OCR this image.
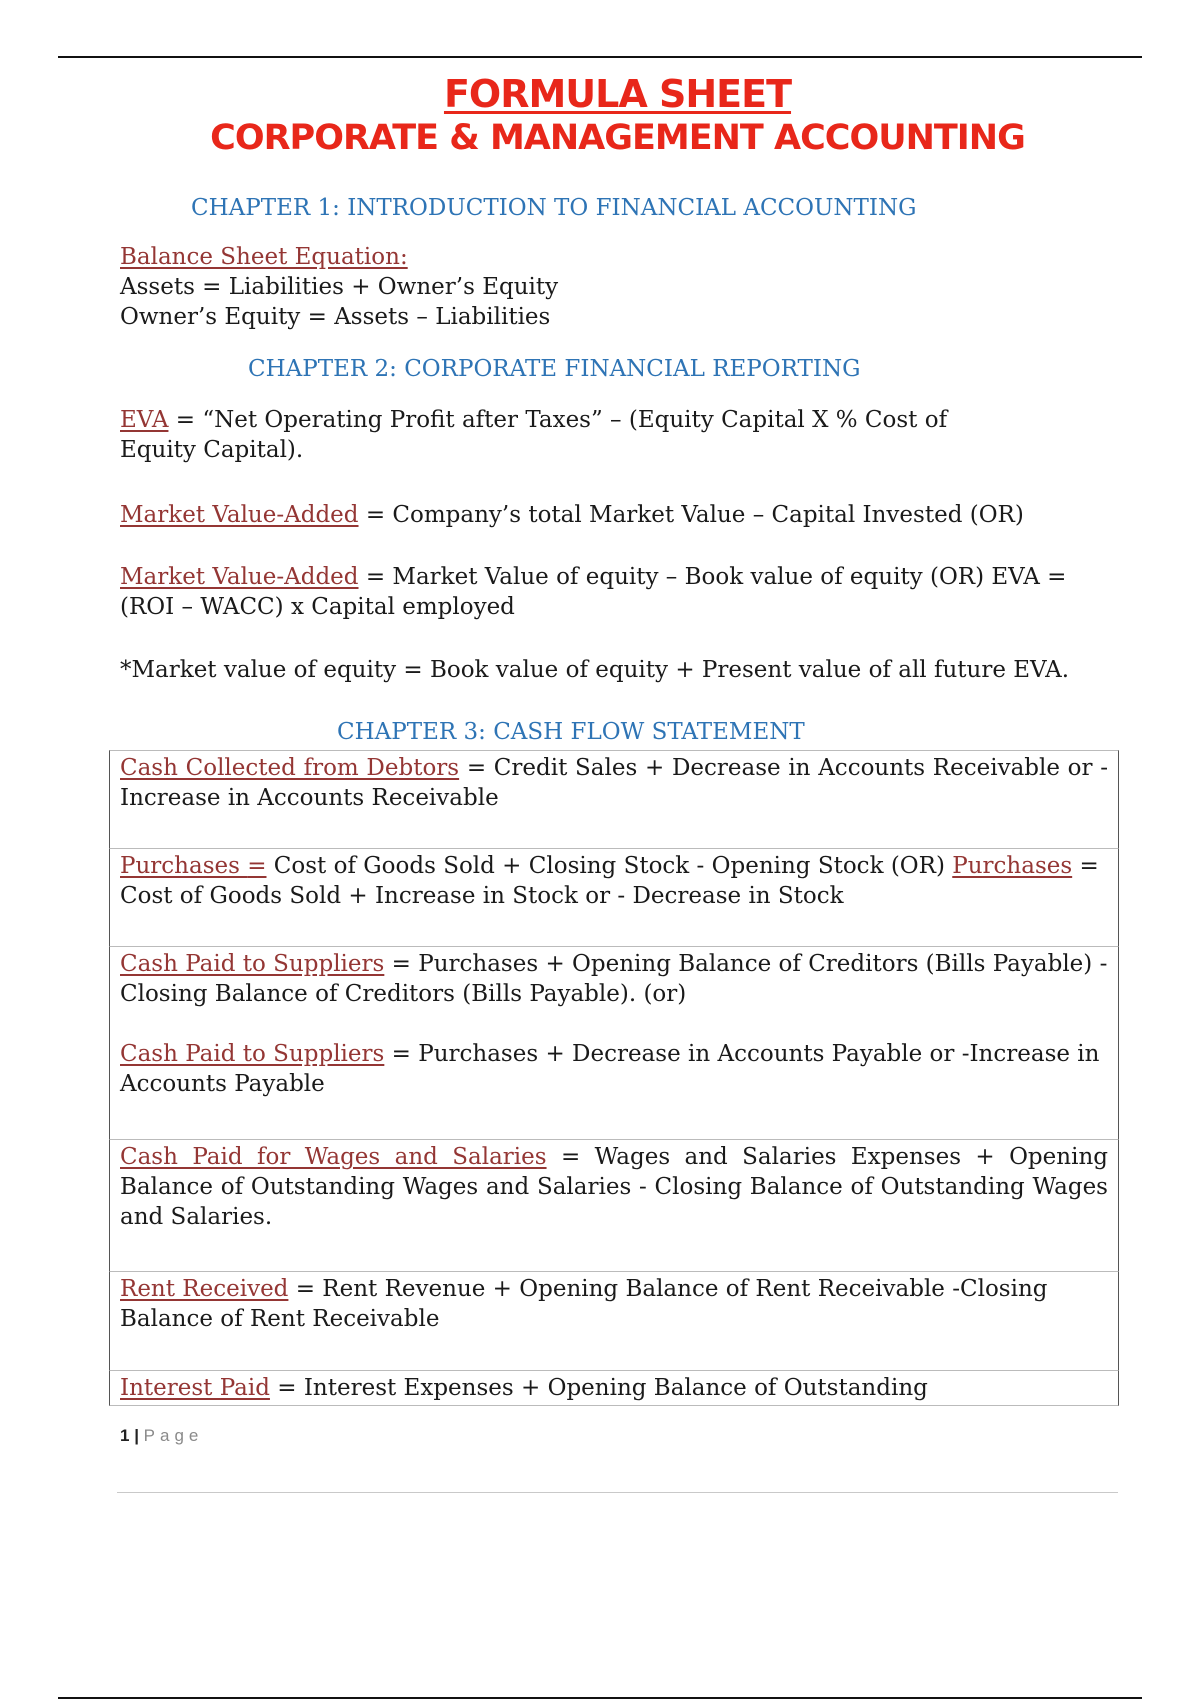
FORMULA SHEET
CORPORATE & MANAGEMENT ACCOUNTING
CHAPTER 1: INTRODUCTION TO FINANCIAL ACCOUNTING
Balance Sheet Equation:
Assets = Liabilities + Owner’s Equity
Owner’s Equity = Assets – Liabilities
CHAPTER 2: CORPORATE FINANCIAL REPORTING
EVA = “Net Operating Profit after Taxes” – (Equity Capital X % Cost of Equity Capital).
Market Value-Added = Company’s total Market Value – Capital Invested (OR)
Market Value-Added = Market Value of equity – Book value of equity (OR) EVA = (ROI – WACC) x Capital employed
*Market value of equity = Book value of equity + Present value of all future EVA.
CHAPTER 3: CASH FLOW STATEMENT
Cash Collected from Debtors = Credit Sales + Decrease in Accounts Receivable or - Increase in Accounts Receivable
Purchases = Cost of Goods Sold + Closing Stock - Opening Stock (OR) Purchases = Cost of Goods Sold + Increase in Stock or - Decrease in Stock
Cash Paid to Suppliers = Purchases + Opening Balance of Creditors (Bills Payable) - Closing Balance of Creditors (Bills Payable). (or)
Cash Paid to Suppliers = Purchases + Decrease in Accounts Payable or -Increase in Accounts Payable
Cash Paid for Wages and Salaries = Wages and Salaries Expenses + Opening Balance of Outstanding Wages and Salaries - Closing Balance of Outstanding Wages and Salaries.
Rent Received = Rent Revenue + Opening Balance of Rent Receivable -Closing Balance of Rent Receivable
Interest Paid = Interest Expenses + Opening Balance of Outstanding
1 | Page
